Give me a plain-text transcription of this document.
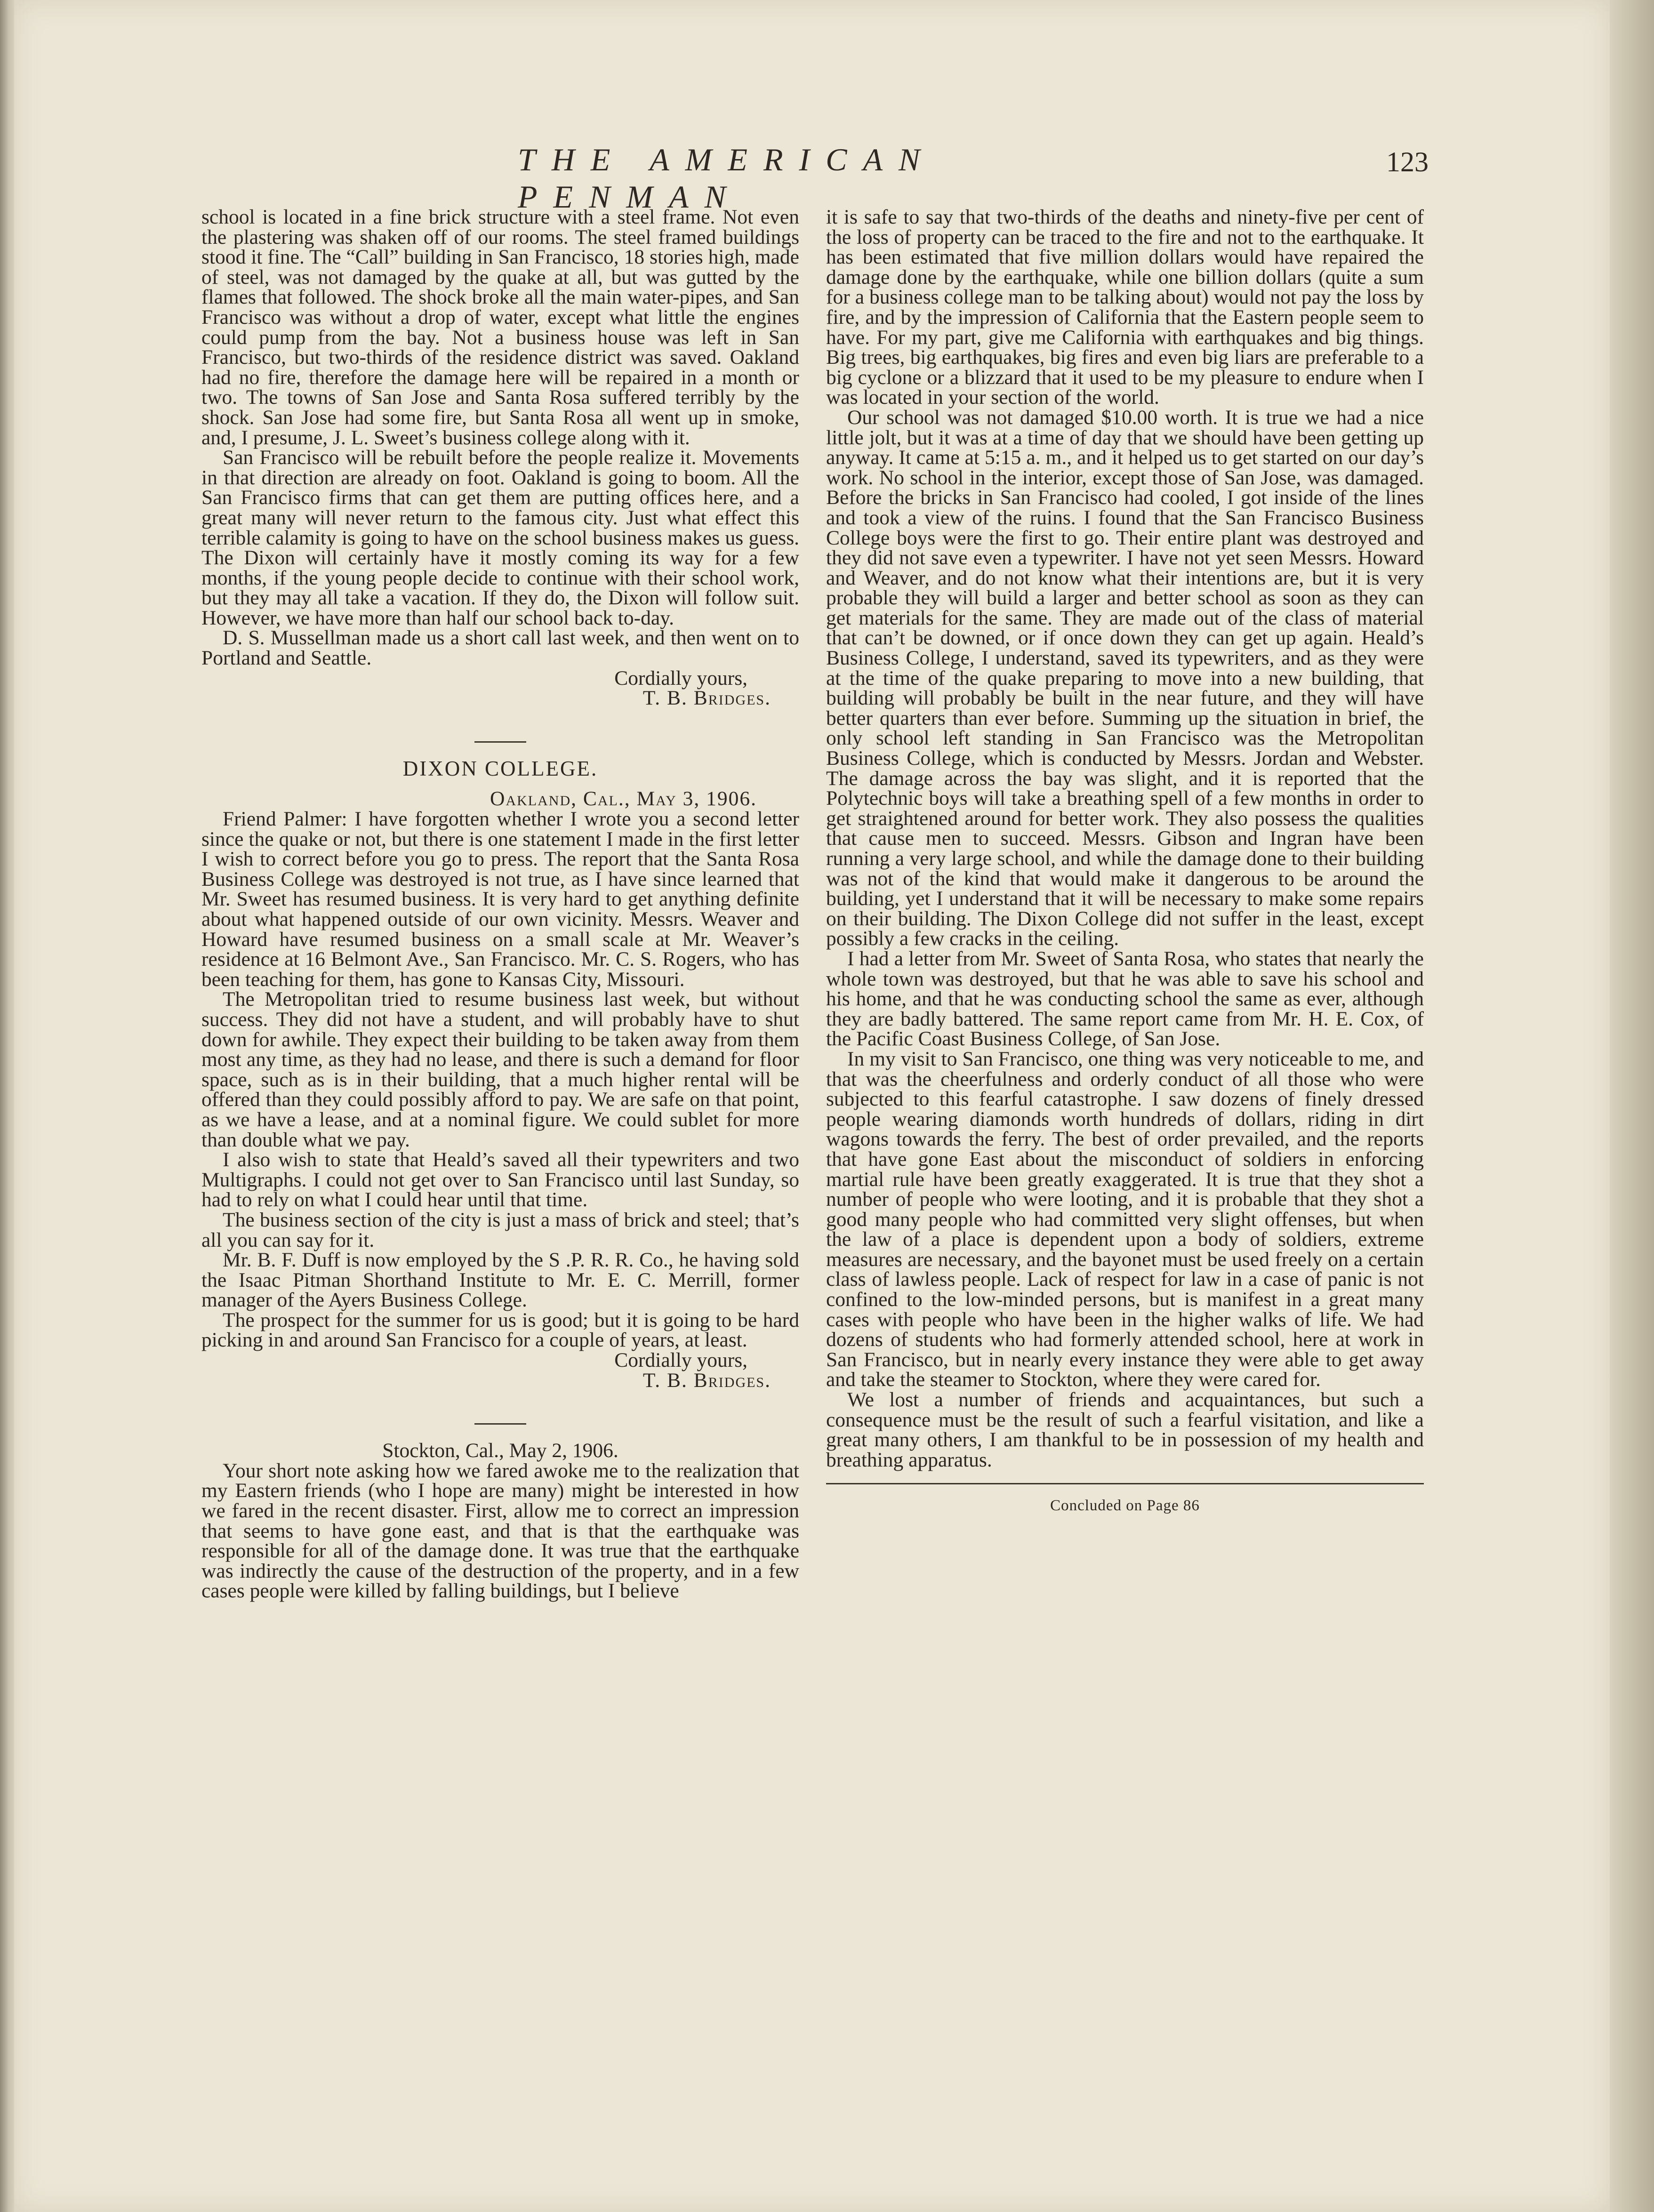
THE AMERICAN PENMAN
123

school is located in a fine brick structure with a steel frame. Not even the plastering was shaken off of our rooms. The steel framed buildings stood it fine. The “Call” building in San Francisco, 18 stories high, made of steel, was not damaged by the quake at all, but was gutted by the flames that followed. The shock broke all the main water-pipes, and San Francisco was without a drop of water, except what little the engines could pump from the bay. Not a business house was left in San Francisco, but two-thirds of the residence district was saved. Oakland had no fire, therefore the damage here will be repaired in a month or two. The towns of San Jose and Santa Rosa suffered terribly by the shock. San Jose had some fire, but Santa Rosa all went up in smoke, and, I presume, J. L. Sweet’s business college along with it.

San Francisco will be rebuilt before the people realize it. Movements in that direction are already on foot. Oakland is going to boom. All the San Francisco firms that can get them are putting offices here, and a great many will never return to the famous city. Just what effect this terrible calamity is going to have on the school business makes us guess. The Dixon will certainly have it mostly coming its way for a few months, if the young people decide to continue with their school work, but they may all take a vacation. If they do, the Dixon will follow suit. However, we have more than half our school back to-day.

D. S. Mussellman made us a short call last week, and then went on to Portland and Seattle.

Cordially yours,
T. B. Bridges.
DIXON COLLEGE.
Oakland, Cal., May 3, 1906.

Friend Palmer: I have forgotten whether I wrote you a second letter since the quake or not, but there is one statement I made in the first letter I wish to correct before you go to press. The report that the Santa Rosa Business College was destroyed is not true, as I have since learned that Mr. Sweet has resumed business. It is very hard to get anything definite about what happened outside of our own vicinity. Messrs. Weaver and Howard have resumed business on a small scale at Mr. Weaver’s residence at 16 Belmont Ave., San Francisco. Mr. C. S. Rogers, who has been teaching for them, has gone to Kansas City, Missouri.

The Metropolitan tried to resume business last week, but without success. They did not have a student, and will probably have to shut down for awhile. They expect their building to be taken away from them most any time, as they had no lease, and there is such a demand for floor space, such as is in their building, that a much higher rental will be offered than they could possibly afford to pay. We are safe on that point, as we have a lease, and at a nominal figure. We could sublet for more than double what we pay.

I also wish to state that Heald’s saved all their typewriters and two Multigraphs. I could not get over to San Francisco until last Sunday, so had to rely on what I could hear until that time.

The business section of the city is just a mass of brick and steel; that’s all you can say for it.

Mr. B. F. Duff is now employed by the S .P. R. R. Co., he having sold the Isaac Pitman Shorthand Institute to Mr. E. C. Merrill, former manager of the Ayers Business College.

The prospect for the summer for us is good; but it is going to be hard picking in and around San Francisco for a couple of years, at least.

Cordially yours,
T. B. Bridges.
Stockton, Cal., May 2, 1906.

Your short note asking how we fared awoke me to the realization that my Eastern friends (who I hope are many) might be interested in how we fared in the recent disaster. First, allow me to correct an impression that seems to have gone east, and that is that the earthquake was responsible for all of the damage done. It was true that the earthquake was indirectly the cause of the destruction of the property, and in a few cases people were killed by falling buildings, but I believe

it is safe to say that two-thirds of the deaths and ninety-five per cent of the loss of property can be traced to the fire and not to the earthquake. It has been estimated that five million dollars would have repaired the damage done by the earthquake, while one billion dollars (quite a sum for a business college man to be talking about) would not pay the loss by fire, and by the impression of California that the Eastern people seem to have. For my part, give me California with earthquakes and big things. Big trees, big earthquakes, big fires and even big liars are preferable to a big cyclone or a blizzard that it used to be my pleasure to endure when I was located in your section of the world.

Our school was not damaged $10.00 worth. It is true we had a nice little jolt, but it was at a time of day that we should have been getting up anyway. It came at 5:15 a. m., and it helped us to get started on our day’s work. No school in the interior, except those of San Jose, was damaged. Before the bricks in San Francisco had cooled, I got inside of the lines and took a view of the ruins. I found that the San Francisco Business College boys were the first to go. Their entire plant was destroyed and they did not save even a typewriter. I have not yet seen Messrs. Howard and Weaver, and do not know what their intentions are, but it is very probable they will build a larger and better school as soon as they can get materials for the same. They are made out of the class of material that can’t be downed, or if once down they can get up again. Heald’s Business College, I understand, saved its typewriters, and as they were at the time of the quake preparing to move into a new building, that building will probably be built in the near future, and they will have better quarters than ever before. Summing up the situation in brief, the only school left standing in San Francisco was the Metropolitan Business College, which is conducted by Messrs. Jordan and Webster. The damage across the bay was slight, and it is reported that the Polytechnic boys will take a breathing spell of a few months in order to get straightened around for better work. They also possess the qualities that cause men to succeed. Messrs. Gibson and Ingran have been running a very large school, and while the damage done to their building was not of the kind that would make it dangerous to be around the building, yet I understand that it will be necessary to make some repairs on their building. The Dixon College did not suffer in the least, except possibly a few cracks in the ceiling.

I had a letter from Mr. Sweet of Santa Rosa, who states that nearly the whole town was destroyed, but that he was able to save his school and his home, and that he was conducting school the same as ever, although they are badly battered. The same report came from Mr. H. E. Cox, of the Pacific Coast Business College, of San Jose.

In my visit to San Francisco, one thing was very noticeable to me, and that was the cheerfulness and orderly conduct of all those who were subjected to this fearful catastrophe. I saw dozens of finely dressed people wearing diamonds worth hundreds of dollars, riding in dirt wagons towards the ferry. The best of order prevailed, and the reports that have gone East about the misconduct of soldiers in enforcing martial rule have been greatly exaggerated. It is true that they shot a number of people who were looting, and it is probable that they shot a good many people who had committed very slight offenses, but when the law of a place is dependent upon a body of soldiers, extreme measures are necessary, and the bayonet must be used freely on a certain class of lawless people. Lack of respect for law in a case of panic is not confined to the low-minded persons, but is manifest in a great many cases with people who have been in the higher walks of life. We had dozens of students who had formerly attended school, here at work in San Francisco, but in nearly every instance they were able to get away and take the steamer to Stockton, where they were cared for.

We lost a number of friends and acquaintances, but such a consequence must be the result of such a fearful visitation, and like a great many others, I am thankful to be in possession of my health and breathing apparatus.

Concluded on Page 86
